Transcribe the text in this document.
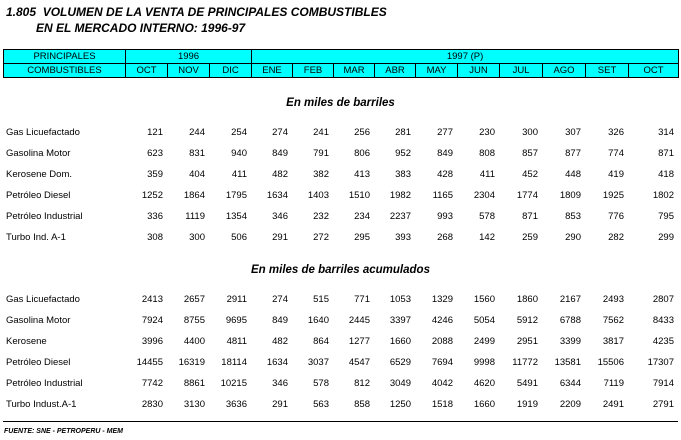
1.805  VOLUMEN DE LA VENTA DE PRINCIPALES COMBUSTIBLES
EN EL MERCADO INTERNO: 1996-97
PRINCIPALES	1996			1997 (P)									
COMBUSTIBLES	OCT	NOV	DIC	ENE	FEB	MAR	ABR	MAY	JUN	JUL	AGO	SET	OCT
En miles de barriles
Gas Licuefactado	121	244	254	274	241	256	281	277	230	300	307	326	314
Gasolina Motor	623	831	940	849	791	806	952	849	808	857	877	774	871
Kerosene Dom.	359	404	411	482	382	413	383	428	411	452	448	419	418
Petróleo Diesel	1252	1864	1795	1634	1403	1510	1982	1165	2304	1774	1809	1925	1802
Petróleo Industrial	336	1119	1354	346	232	234	2237	993	578	871	853	776	795
Turbo Ind. A-1	308	300	506	291	272	295	393	268	142	259	290	282	299
En miles de barriles acumulados
Gas Licuefactado	2413	2657	2911	274	515	771	1053	1329	1560	1860	2167	2493	2807
Gasolina Motor	7924	8755	9695	849	1640	2445	3397	4246	5054	5912	6788	7562	8433
Kerosene	3996	4400	4811	482	864	1277	1660	2088	2499	2951	3399	3817	4235
Petróleo Diesel	14455	16319	18114	1634	3037	4547	6529	7694	9998	11772	13581	15506	17307
Petróleo Industrial	7742	8861	10215	346	578	812	3049	4042	4620	5491	6344	7119	7914
Turbo Indust.A-1	2830	3130	3636	291	563	858	1250	1518	1660	1919	2209	2491	2791
FUENTE: SNE - PETROPERU - MEM
